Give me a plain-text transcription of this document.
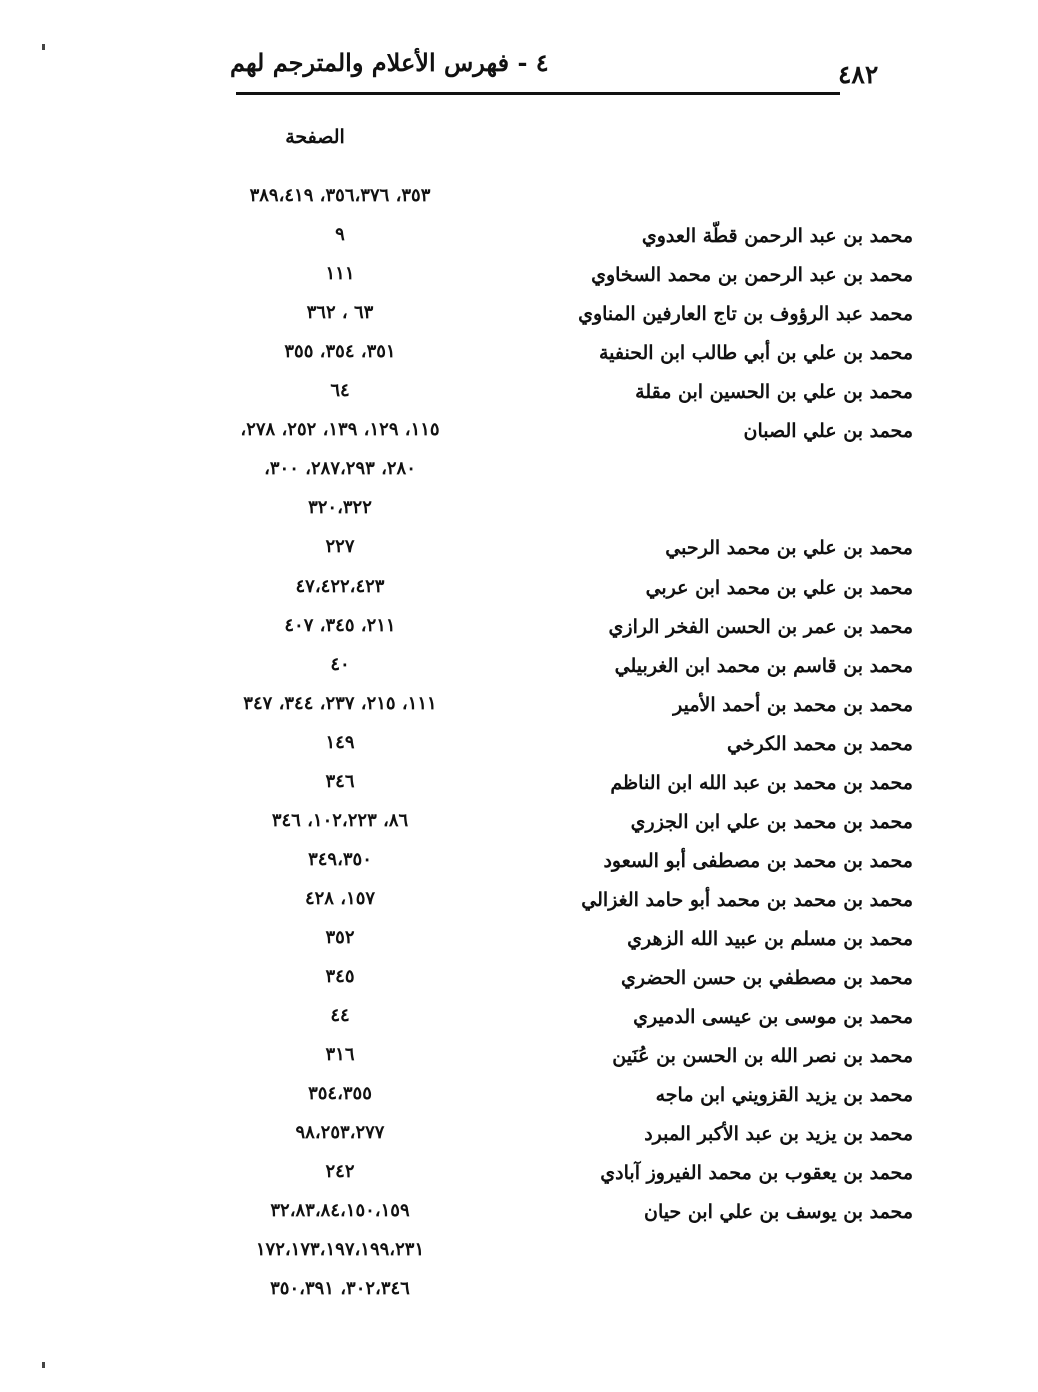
٤ - فهرس الأعلام والمترجم لهم	٤٨٢
الصفحة
٣٥٣، ٣٥٦،٣٧٦، ٣٨٩،٤١٩
محمد بن عبد الرحمن قطّة العدوي
٩
محمد بن عبد الرحمن بن محمد السخاوي
١١١
محمد عبد الرؤوف بن تاج العارفين المناوي
٦٣ ، ٣٦٢
محمد بن علي بن أبي طالب ابن الحنفية
٣٥١، ٣٥٤، ٣٥٥
محمد بن علي بن الحسين ابن مقلة
٦٤
محمد بن علي الصبان
١١٥، ١٢٩، ١٣٩، ٢٥٢، ٢٧٨،
٢٨٠، ٢٨٧،٢٩٣، ٣٠٠،
٣٢٠،٣٢٢
محمد بن علي بن محمد الرحبي
٢٢٧
محمد بن علي بن محمد ابن عربي
٤٧،٤٢٢،٤٢٣
محمد بن عمر بن الحسن الفخر الرازي
٢١١، ٣٤٥، ٤٠٧
محمد بن قاسم بن محمد ابن الغربيلي
٤٠
محمد بن محمد بن أحمد الأمير
١١١، ٢١٥، ٢٣٧، ٣٤٤، ٣٤٧
محمد بن محمد الكرخي
١٤٩
محمد بن محمد بن عبد الله ابن الناظم
٣٤٦
محمد بن محمد بن علي ابن الجزري
٨٦، ١٠٢،٢٢٣، ٣٤٦
محمد بن محمد بن مصطفى أبو السعود
٣٤٩،٣٥٠
محمد بن محمد بن محمد أبو حامد الغزالي
١٥٧، ٤٢٨
محمد بن مسلم بن عبيد الله الزهري
٣٥٢
محمد بن مصطفي بن حسن الحضري
٣٤٥
محمد بن موسى بن عيسى الدميري
٤٤
محمد بن نصر الله بن الحسن بن عُنَين
٣١٦
محمد بن يزيد القزويني ابن ماجه
٣٥٤،٣٥٥
محمد بن يزيد بن عبد الأكبر المبرد
٩٨،٢٥٣،٢٧٧
محمد بن يعقوب بن محمد الفيروز آبادي
٢٤٢
محمد بن يوسف بن علي ابن حيان
٣٢،٨٣،٨٤،١٥٠،١٥٩
١٧٢،١٧٣،١٩٧،١٩٩،٢٣١
٣٠٢،٣٤٦، ٣٥٠،٣٩١
